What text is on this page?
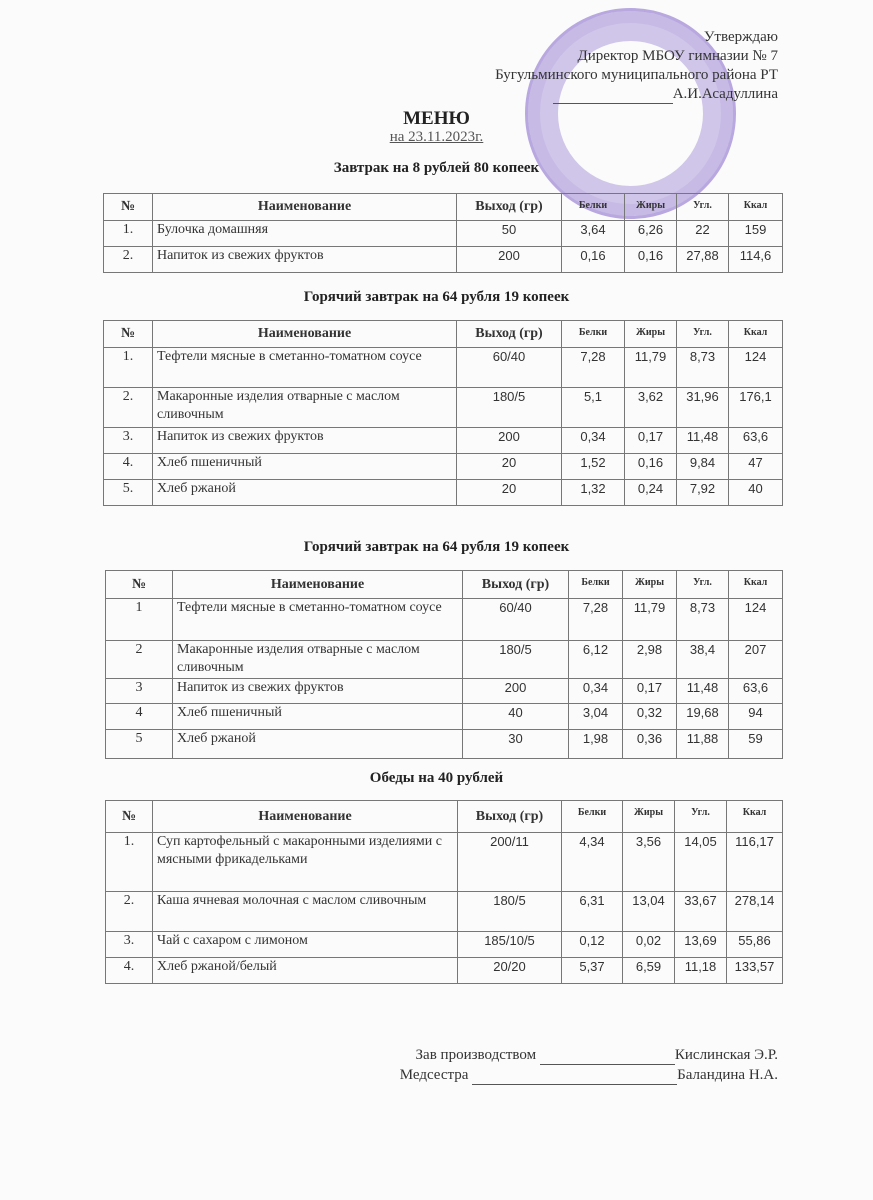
Утверждаю
Директор МБОУ гимназии № 7
Бугульминского муниципального района РТ
А.И.Асадуллина
МЕНЮ
на 23.11.2023г.
Завтрак на 8 рублей 80 копеек
Горячий завтрак на 64 рубля 19 копеек
Горячий завтрак на 64 рубля 19 копеек
Обеды на 40 рублей
№	Наименование	Выход (гр)	Белки	Жиры	Угл.	Ккал
1.	Булочка домашняя	50	3,64	6,26	22	159
2.	Напиток из свежих фруктов	200	0,16	0,16	27,88	114,6
№	Наименование	Выход (гр)	Белки	Жиры	Угл.	Ккал
1.	Тефтели мясные в сметанно-томатном соусе	60/40	7,28	11,79	8,73	124
2.	Макаронные изделия отварные с маслом сливочным	180/5	5,1	3,62	31,96	176,1
3.	Напиток из свежих фруктов	200	0,34	0,17	11,48	63,6
4.	Хлеб пшеничный	20	1,52	0,16	9,84	47
5.	Хлеб ржаной	20	1,32	0,24	7,92	40
№	Наименование	Выход (гр)	Белки	Жиры	Угл.	Ккал
1	Тефтели мясные в сметанно-томатном соусе	60/40	7,28	11,79	8,73	124
2	Макаронные изделия отварные с маслом сливочным	180/5	6,12	2,98	38,4	207
3	Напиток из свежих фруктов	200	0,34	0,17	11,48	63,6
4	Хлеб пшеничный	40	3,04	0,32	19,68	94
5	Хлеб ржаной	30	1,98	0,36	11,88	59
№	Наименование	Выход (гр)	Белки	Жиры	Угл.	Ккал
1.	Суп картофельный с макаронными изделиями с мясными фрикадельками	200/11	4,34	3,56	14,05	116,17
2.	Каша ячневая молочная с маслом сливочным	180/5	6,31	13,04	33,67	278,14
3.	Чай с сахаром с лимоном	185/10/5	0,12	0,02	13,69	55,86
4.	Хлеб ржаной/белый	20/20	5,37	6,59	11,18	133,57
Зав производством	Кислинская Э.Р.
Медсестра	Баландина Н.А.
